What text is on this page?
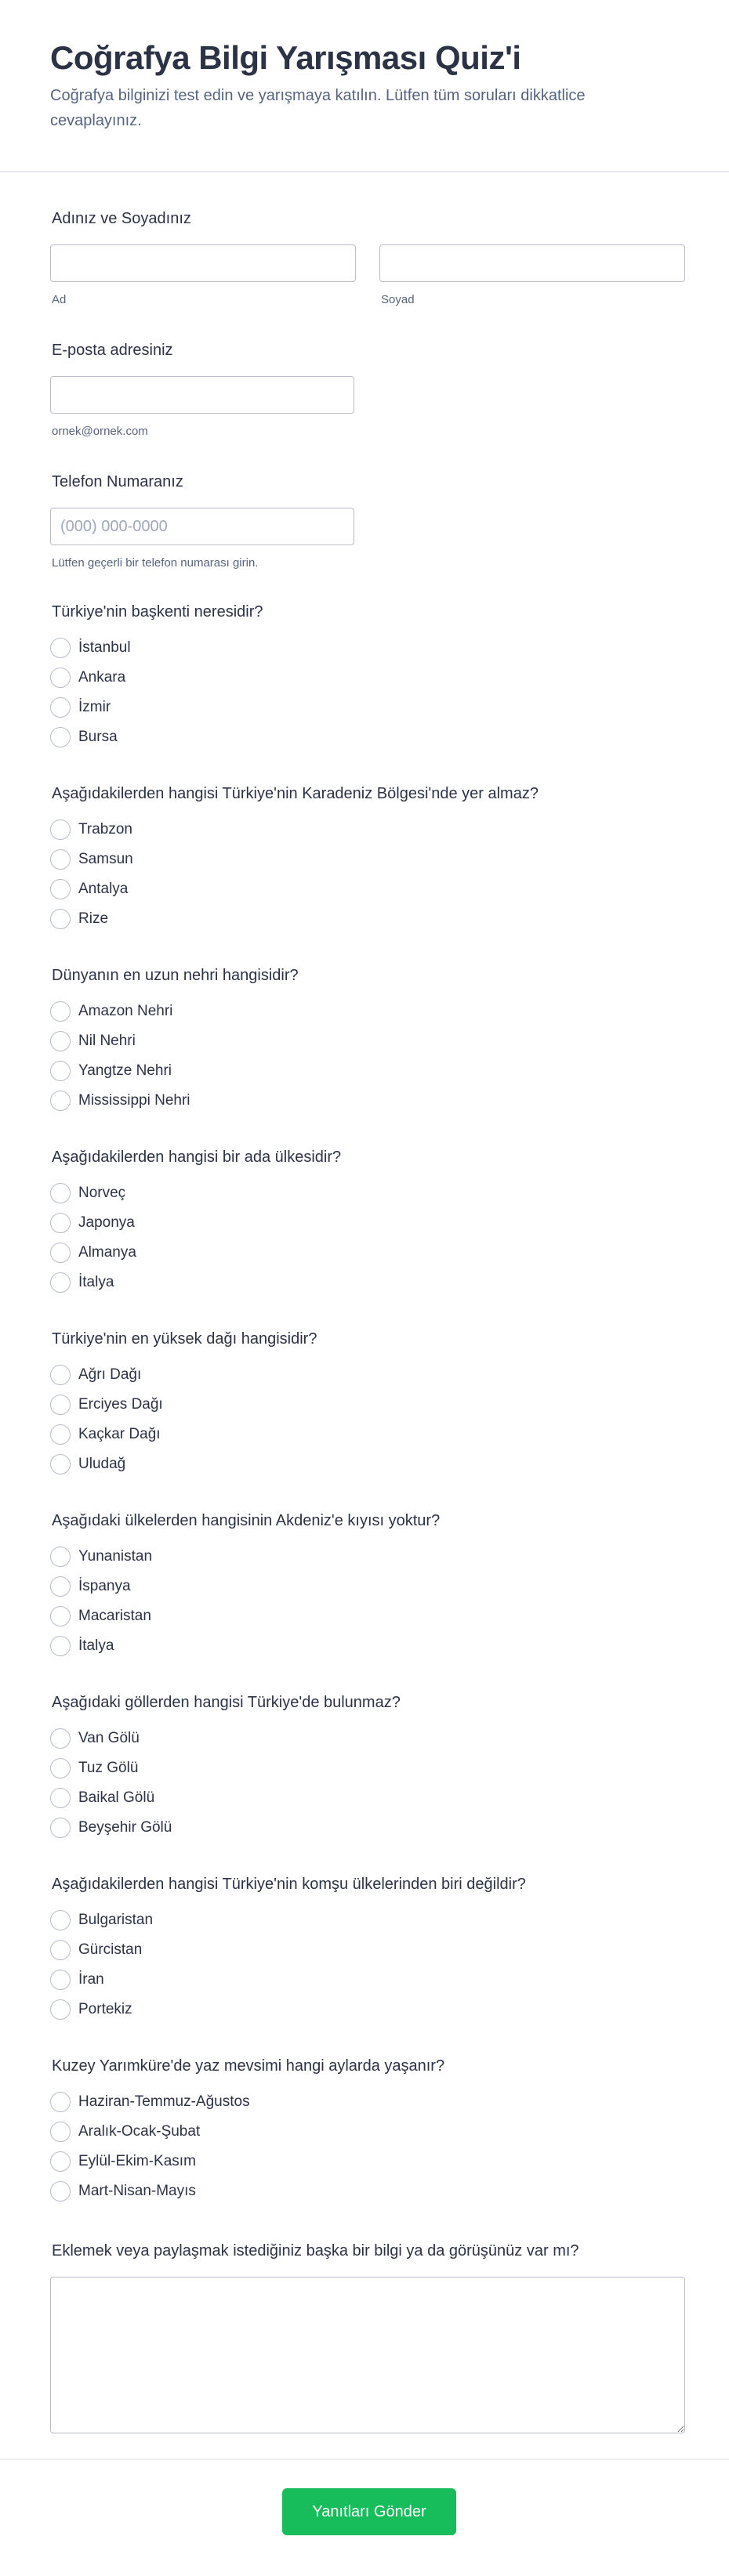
Coğrafya Bilgi Yarışması Quiz'i

Coğrafya bilginizi test edin ve yarışmaya katılın. Lütfen tüm soruları dikkatlice cevaplayınız.

Adınız ve Soyadınız
Ad	Soyad
E-posta adresiniz
ornek@ornek.com
Telefon Numaranız
(000) 000-0000
Lütfen geçerli bir telefon numarası girin.
Türkiye'nin başkenti neresidir?
İstanbul
Ankara
İzmir
Bursa
Aşağıdakilerden hangisi Türkiye'nin Karadeniz Bölgesi'nde yer almaz?
Trabzon
Samsun
Antalya
Rize
Dünyanın en uzun nehri hangisidir?
Amazon Nehri
Nil Nehri
Yangtze Nehri
Mississippi Nehri
Aşağıdakilerden hangisi bir ada ülkesidir?
Norveç
Japonya
Almanya
İtalya
Türkiye'nin en yüksek dağı hangisidir?
Ağrı Dağı
Erciyes Dağı
Kaçkar Dağı
Uludağ
Aşağıdaki ülkelerden hangisinin Akdeniz'e kıyısı yoktur?
Yunanistan
İspanya
Macaristan
İtalya
Aşağıdaki göllerden hangisi Türkiye'de bulunmaz?
Van Gölü
Tuz Gölü
Baikal Gölü
Beyşehir Gölü
Aşağıdakilerden hangisi Türkiye'nin komşu ülkelerinden biri değildir?
Bulgaristan
Gürcistan
İran
Portekiz
Kuzey Yarımküre'de yaz mevsimi hangi aylarda yaşanır?
Haziran-Temmuz-Ağustos
Aralık-Ocak-Şubat
Eylül-Ekim-Kasım
Mart-Nisan-Mayıs
Eklemek veya paylaşmak istediğiniz başka bir bilgi ya da görüşünüz var mı?
Yanıtları Gönder
